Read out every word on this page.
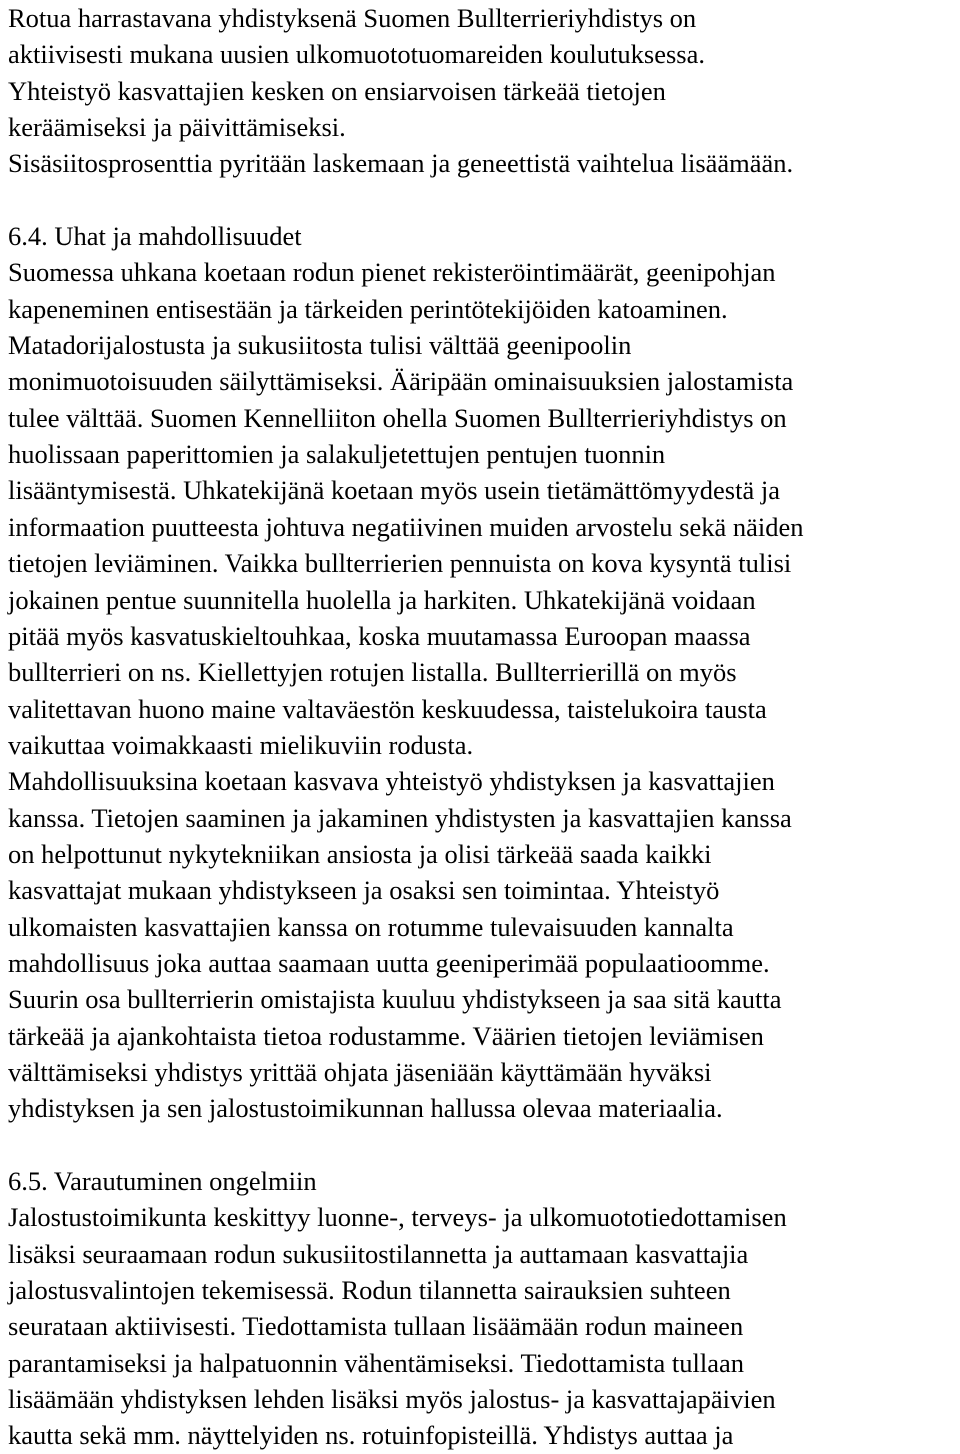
Rotua harrastavana yhdistyksenä Suomen Bullterrieriyhdistys on
aktiivisesti mukana uusien ulkomuototuomareiden koulutuksessa.
Yhteistyö kasvattajien kesken on ensiarvoisen tärkeää tietojen
keräämiseksi ja päivittämiseksi.
Sisäsiitosprosenttia pyritään laskemaan ja geneettistä vaihtelua lisäämään.
6.4. Uhat ja mahdollisuudet
Suomessa uhkana koetaan rodun pienet rekisteröintimäärät, geenipohjan
kapeneminen entisestään ja tärkeiden perintötekijöiden katoaminen.
Matadorijalostusta ja sukusiitosta tulisi välttää geenipoolin
monimuotoisuuden säilyttämiseksi. Ääripään ominaisuuksien jalostamista
tulee välttää. Suomen Kennelliiton ohella Suomen Bullterrieriyhdistys on
huolissaan paperittomien ja salakuljetettujen pentujen tuonnin
lisääntymisestä. Uhkatekijänä koetaan myös usein tietämättömyydestä ja
informaation puutteesta johtuva negatiivinen muiden arvostelu sekä näiden
tietojen leviäminen. Vaikka bullterrierien pennuista on kova kysyntä tulisi
jokainen pentue suunnitella huolella ja harkiten. Uhkatekijänä voidaan
pitää myös kasvatuskieltouhkaa, koska muutamassa Euroopan maassa
bullterrieri on ns. Kiellettyjen rotujen listalla. Bullterrierillä on myös
valitettavan huono maine valtaväestön keskuudessa, taistelukoira tausta
vaikuttaa voimakkaasti mielikuviin rodusta.
Mahdollisuuksina koetaan kasvava yhteistyö yhdistyksen ja kasvattajien
kanssa. Tietojen saaminen ja jakaminen yhdistysten ja kasvattajien kanssa
on helpottunut nykytekniikan ansiosta ja olisi tärkeää saada kaikki
kasvattajat mukaan yhdistykseen ja osaksi sen toimintaa. Yhteistyö
ulkomaisten kasvattajien kanssa on rotumme tulevaisuuden kannalta
mahdollisuus joka auttaa saamaan uutta geeniperimää populaatioomme.
Suurin osa bullterrierin omistajista kuuluu yhdistykseen ja saa sitä kautta
tärkeää ja ajankohtaista tietoa rodustamme. Väärien tietojen leviämisen
välttämiseksi yhdistys yrittää ohjata jäseniään käyttämään hyväksi
yhdistyksen ja sen jalostustoimikunnan hallussa olevaa materiaalia.
6.5. Varautuminen ongelmiin
Jalostustoimikunta keskittyy luonne-, terveys- ja ulkomuototiedottamisen
lisäksi seuraamaan rodun sukusiitostilannetta ja auttamaan kasvattajia
jalostusvalintojen tekemisessä. Rodun tilannetta sairauksien suhteen
seurataan aktiivisesti. Tiedottamista tullaan lisäämään rodun maineen
parantamiseksi ja halpatuonnin vähentämiseksi. Tiedottamista tullaan
lisäämään yhdistyksen lehden lisäksi myös jalostus- ja kasvattajapäivien
kautta sekä mm. näyttelyiden ns. rotuinfopisteillä. Yhdistys auttaa ja
